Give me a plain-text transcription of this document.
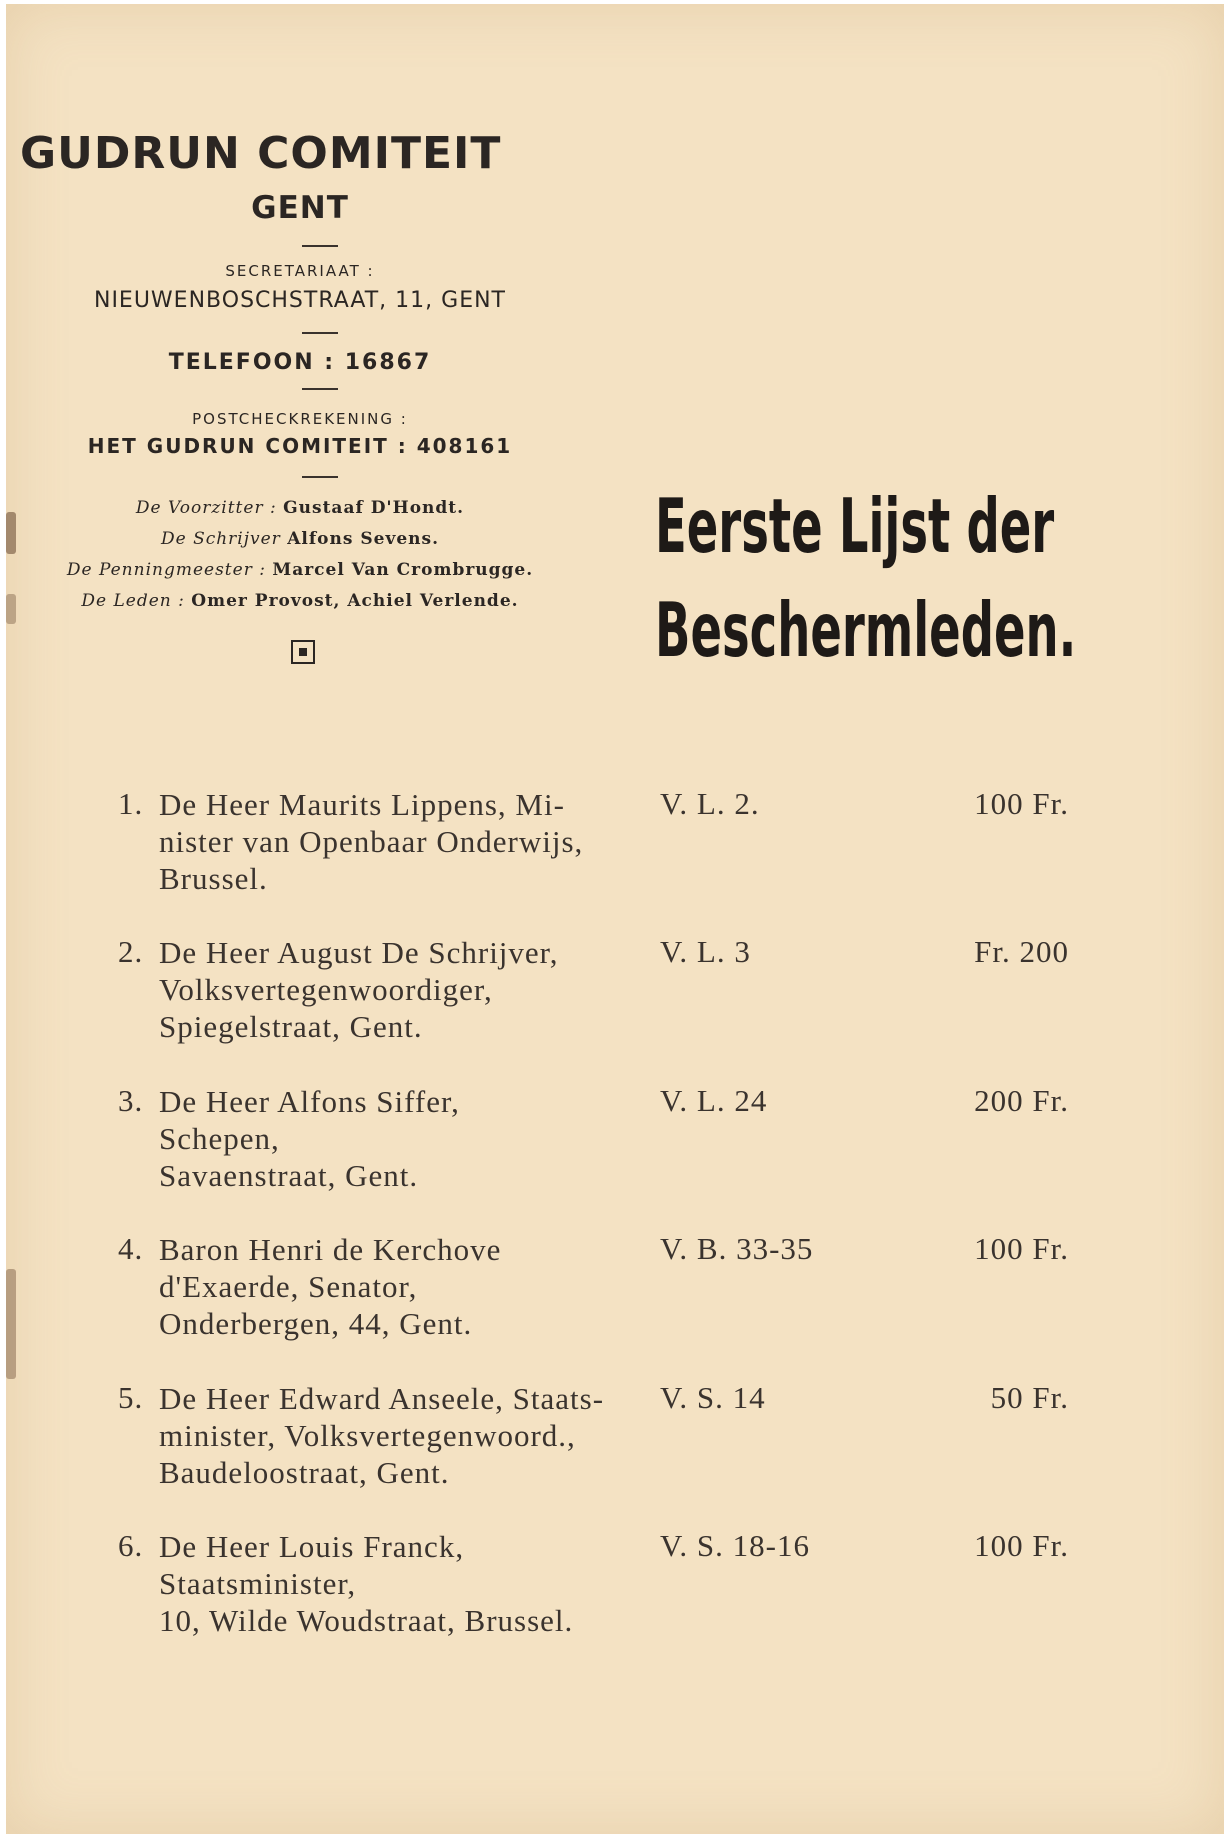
GUDRUN COMITEIT
GENT
SECRETARIAAT :
NIEUWENBOSCHSTRAAT, 11, GENT
TELEFOON : 16867
POSTCHECKREKENING :
HET GUDRUN COMITEIT : 408161
De Voorzitter : Gustaaf D'Hondt.
De Schrijver Alfons Sevens.
De Penningmeester : Marcel Van Crombrugge.
De Leden : Omer Provost, Achiel Verlende.
Eerste Lijst der
Beschermleden.
1. De Heer Maurits Lippens, Mi-
nister van Openbaar Onderwijs,
Brussel.
V. L. 2.	100 Fr.
2. De Heer August De Schrijver,
Volksvertegenwoordiger,
Spiegelstraat, Gent.
V. L. 3	Fr. 200
3. De Heer Alfons Siffer,
Schepen,
Savaenstraat, Gent.
V. L. 24	200 Fr.
4. Baron Henri de Kerchove
d'Exaerde, Senator,
Onderbergen, 44, Gent.
V. B. 33-35	100 Fr.
5. De Heer Edward Anseele, Staats-
minister, Volksvertegenwoord.,
Baudeloostraat, Gent.
V. S. 14	50 Fr.
6. De Heer Louis Franck,
Staatsminister,
10, Wilde Woudstraat, Brussel.
V. S. 18-16	100 Fr.
